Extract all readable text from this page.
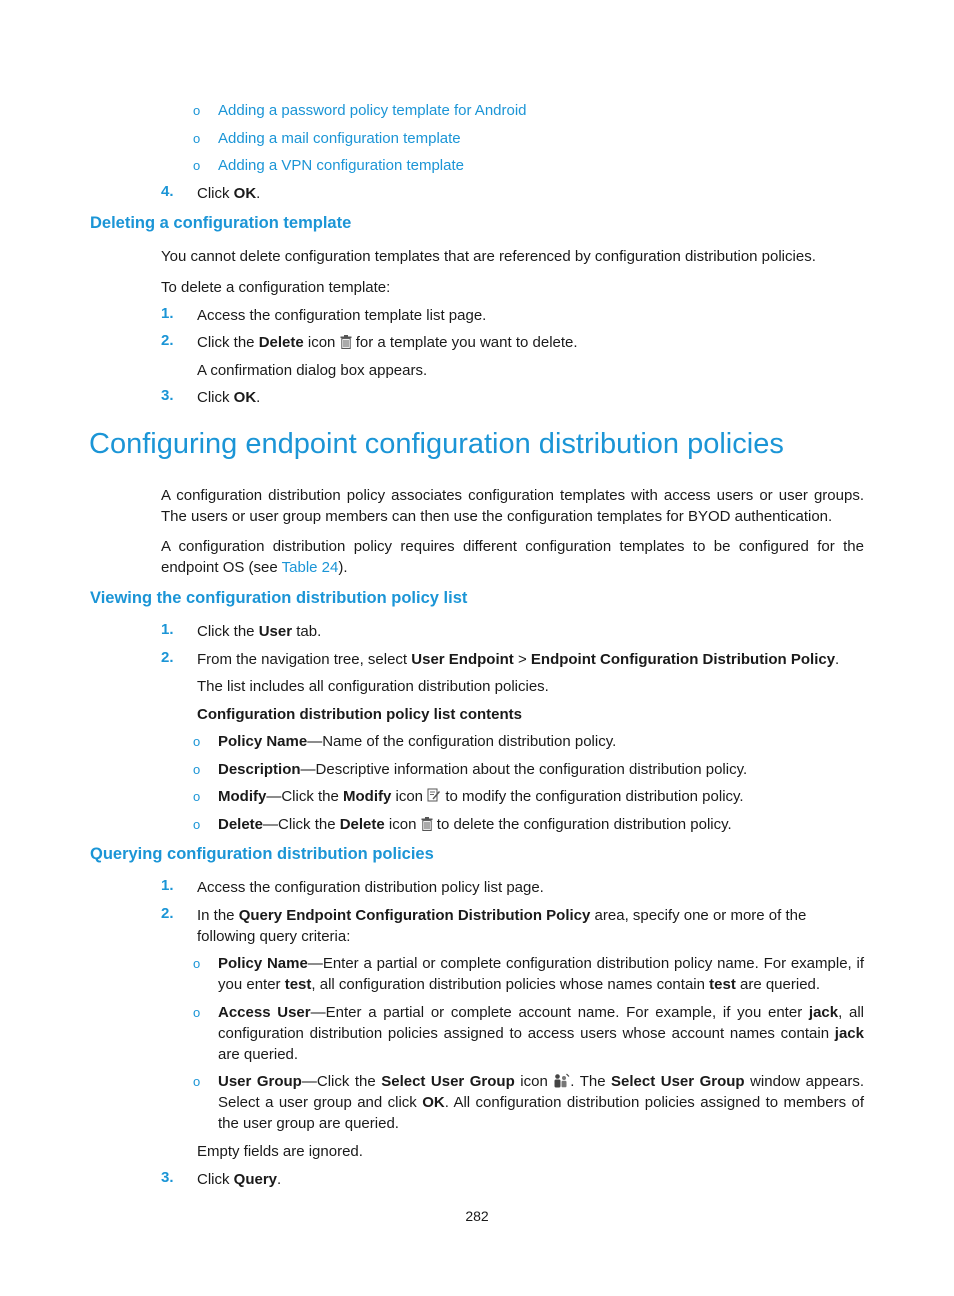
o Adding a password policy template for Android
o Adding a mail configuration template
o Adding a VPN configuration template
4. Click OK.
Deleting a configuration template
You cannot delete configuration templates that are referenced by configuration distribution policies.
To delete a configuration template:
1. Access the configuration template list page.
2. Click the Delete icon  for a template you want to delete.
A confirmation dialog box appears.
3. Click OK.
Configuring endpoint configuration distribution policies
A configuration distribution policy associates configuration templates with access users or user groups. The users or user group members can then use the configuration templates for BYOD authentication.
A configuration distribution policy requires different configuration templates to be configured for the endpoint OS (see Table 24).
Viewing the configuration distribution policy list
1. Click the User tab.
2. From the navigation tree, select User Endpoint > Endpoint Configuration Distribution Policy.
The list includes all configuration distribution policies.
Configuration distribution policy list contents
o Policy Name—Name of the configuration distribution policy.
o Description—Descriptive information about the configuration distribution policy.
o Modify—Click the Modify icon  to modify the configuration distribution policy.
o Delete—Click the Delete icon  to delete the configuration distribution policy.
Querying configuration distribution policies
1. Access the configuration distribution policy list page.
2. In the Query Endpoint Configuration Distribution Policy area, specify one or more of the following query criteria:
o Policy Name—Enter a partial or complete configuration distribution policy name. For example, if you enter test, all configuration distribution policies whose names contain test are queried.
o Access User—Enter a partial or complete account name. For example, if you enter jack, all configuration distribution policies assigned to access users whose account names contain jack are queried.
o User Group—Click the Select User Group icon . The Select User Group window appears. Select a user group and click OK. All configuration distribution policies assigned to members of the user group are queried.
Empty fields are ignored.
3. Click Query.
282
